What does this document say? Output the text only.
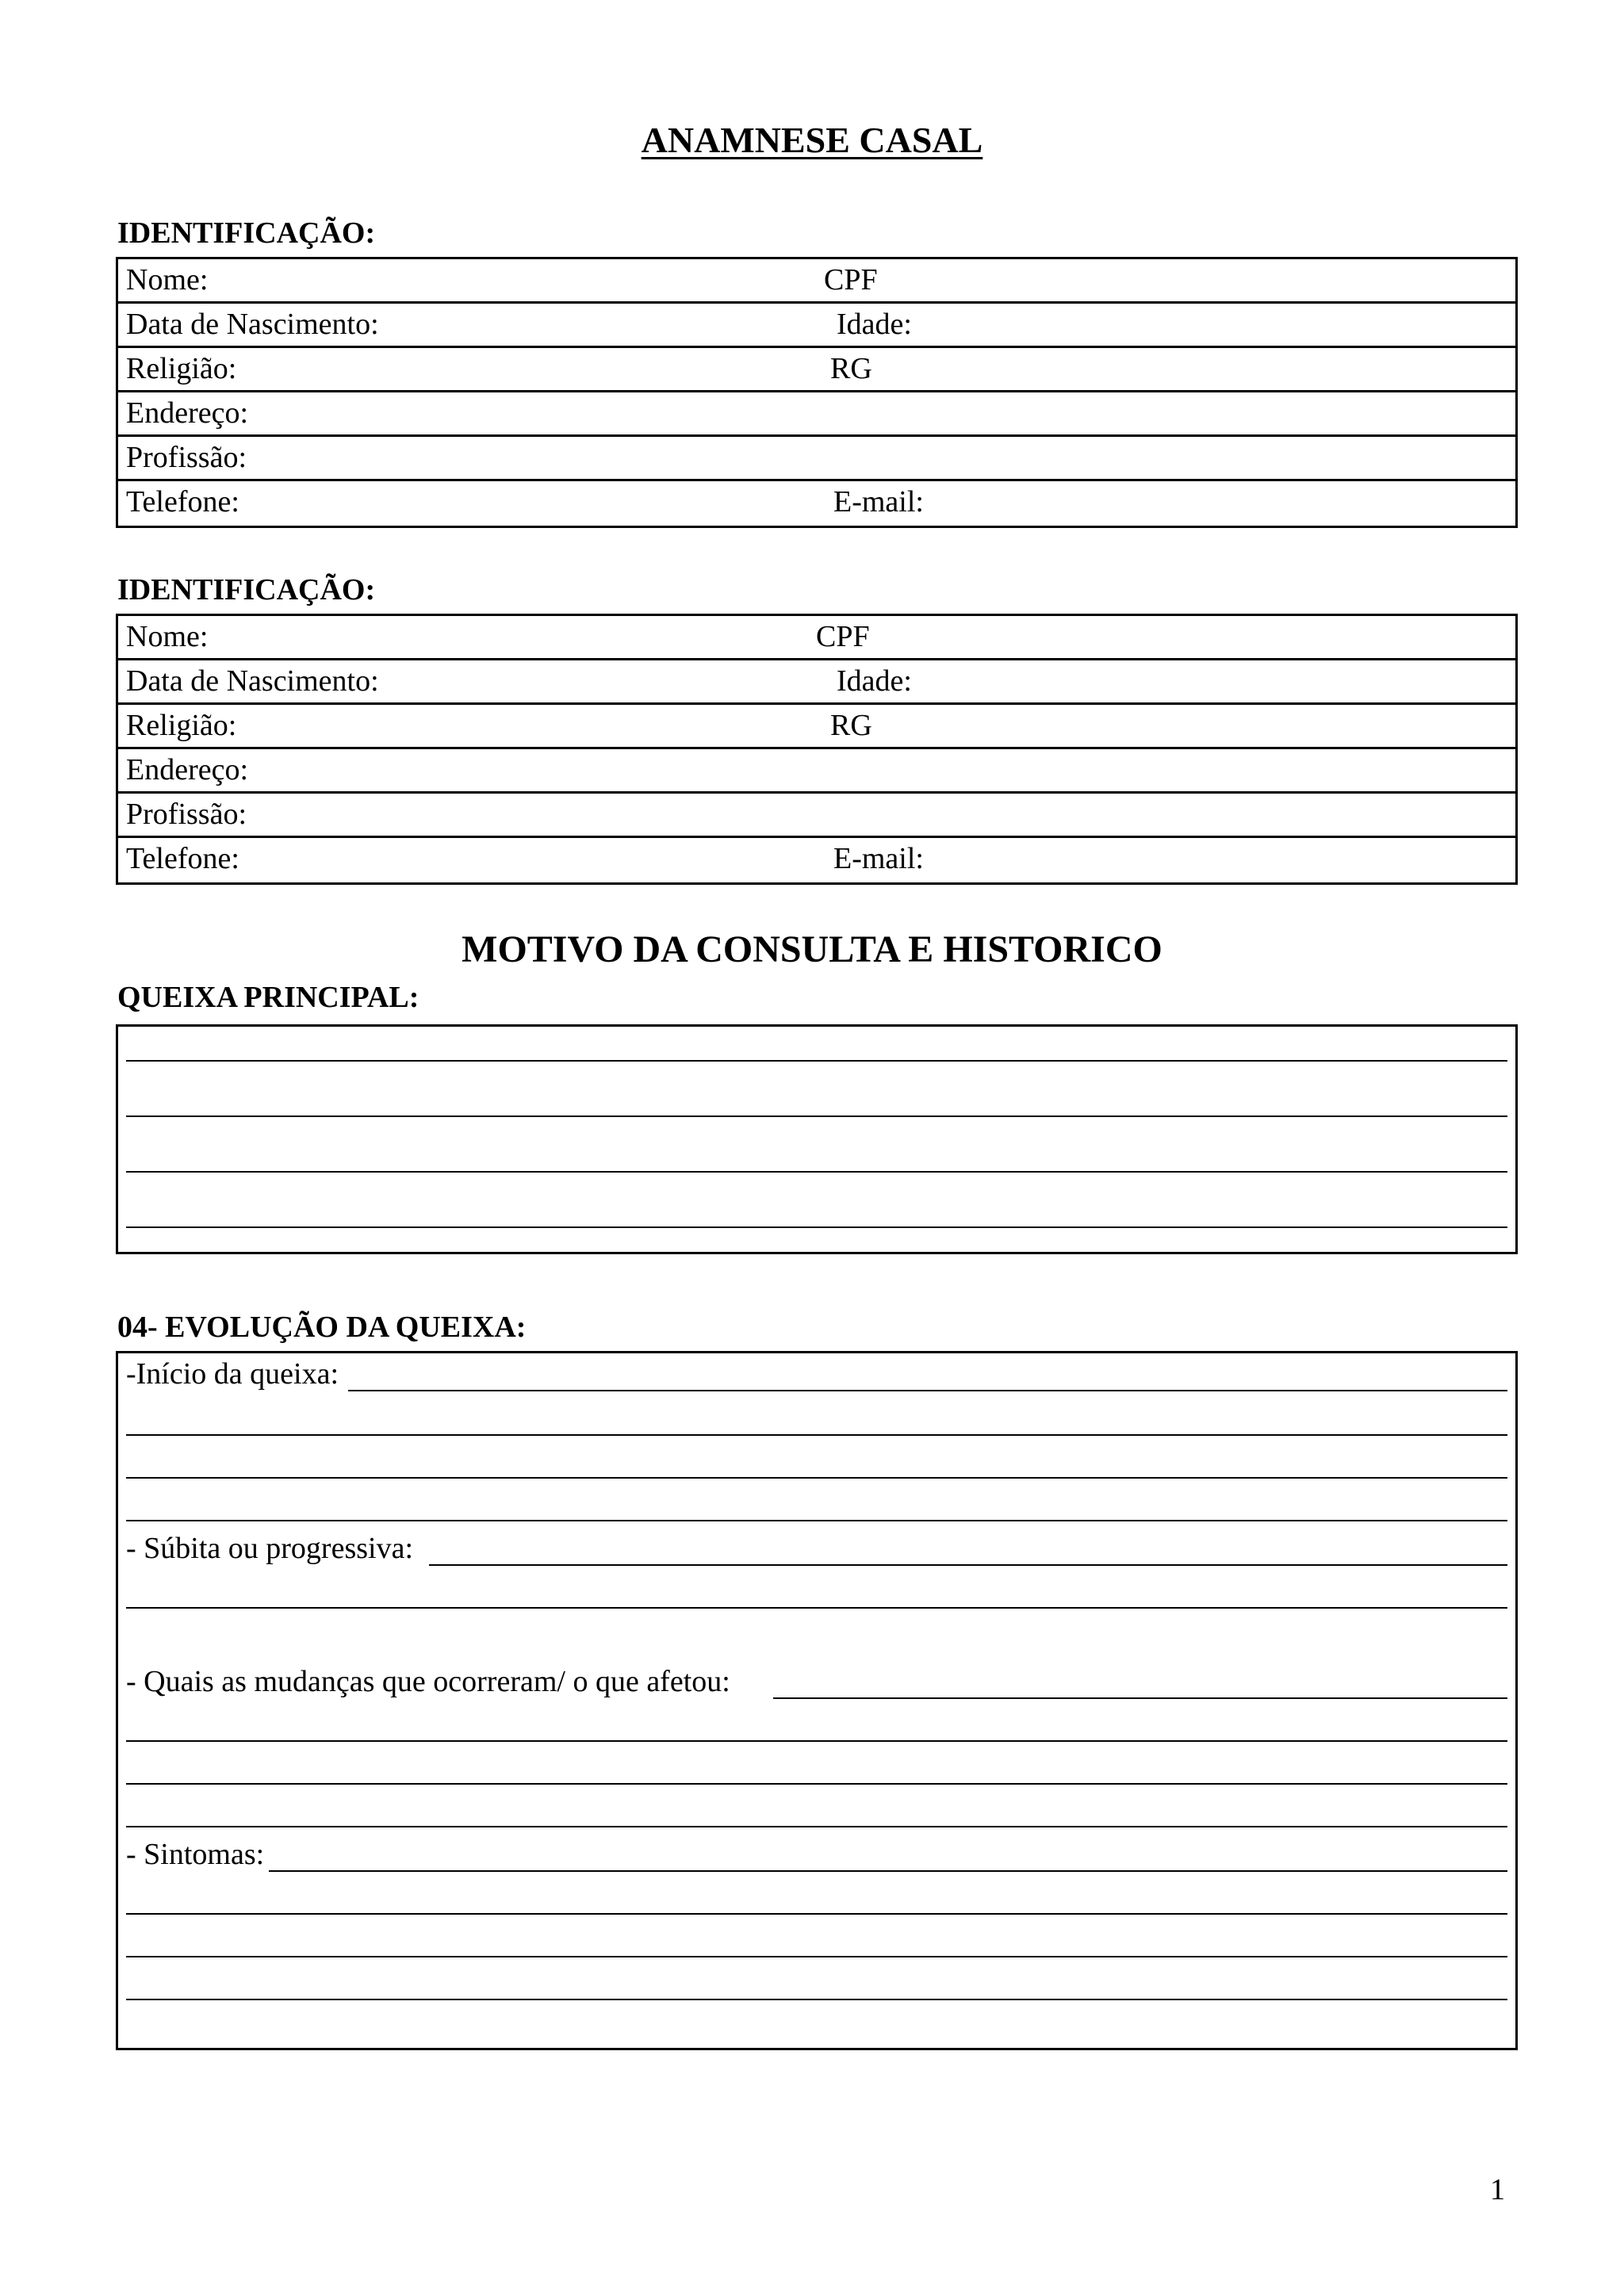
ANAMNESE CASAL
IDENTIFICAÇÃO:
Nome:	CPF
Data de Nascimento:	Idade:
Religião:	RG
Endereço:
Profissão:
Telefone:	E-mail:
IDENTIFICAÇÃO:
Nome:	CPF
Data de Nascimento:	Idade:
Religião:	RG
Endereço:
Profissão:
Telefone:	E-mail:
MOTIVO DA CONSULTA E HISTORICO
QUEIXA PRINCIPAL:
04- EVOLUÇÃO DA QUEIXA:
-Início da queixa:
- Súbita ou progressiva:
- Quais as mudanças que ocorreram/ o que afetou:
- Sintomas:
1
